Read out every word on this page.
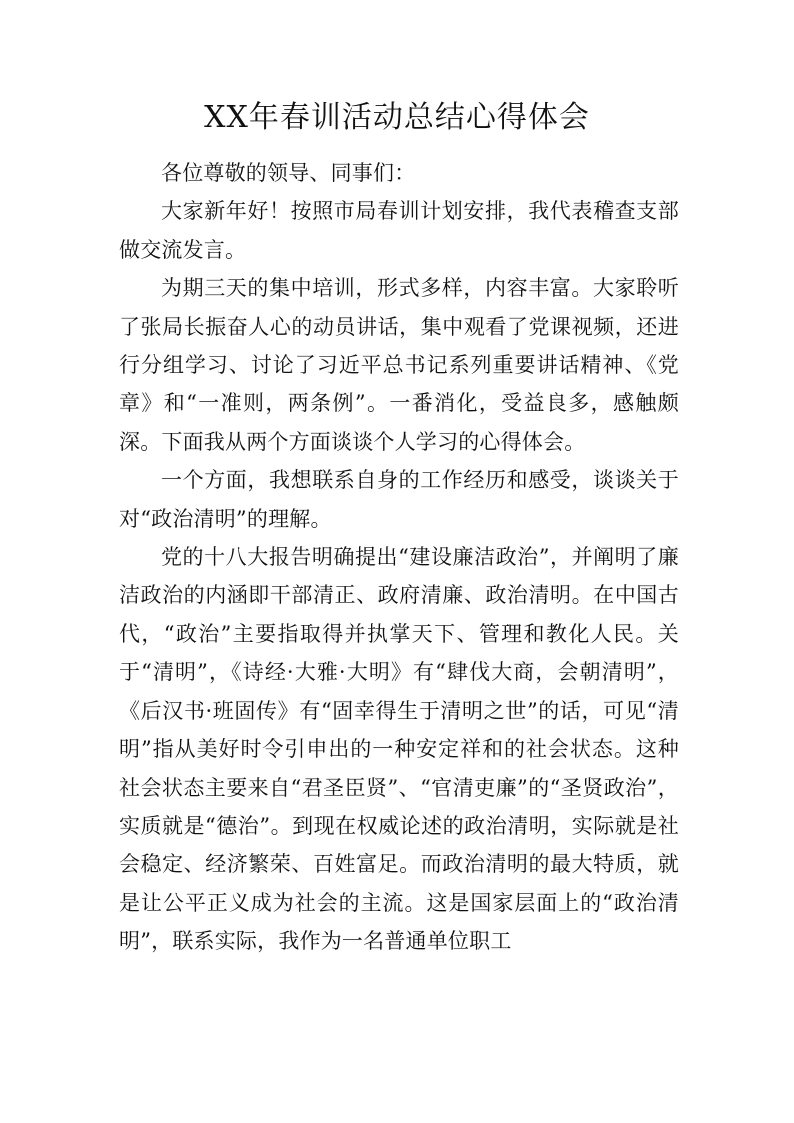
XX年春训活动总结心得体会

各位尊敬的领导、同事们：

大家新年好！按照市局春训计划安排，我代表稽查支部做交流发言。

为期三天的集中培训，形式多样，内容丰富。大家聆听了张局长振奋人心的动员讲话，集中观看了党课视频，还进行分组学习、讨论了习近平总书记系列重要讲话精神、《党章》和“一准则，两条例”。一番消化，受益良多，感触颇深。下面我从两个方面谈谈个人学习的心得体会。

一个方面，我想联系自身的工作经历和感受，谈谈关于对“政治清明”的理解。

党的十八大报告明确提出“建设廉洁政治”，并阐明了廉洁政治的内涵即干部清正、政府清廉、政治清明。在中国古代，“政治”主要指取得并执掌天下、管理和教化人民。关于“清明”，《诗经·大雅·大明》有“肆伐大商，会朝清明”，《后汉书·班固传》有“固幸得生于清明之世”的话，可见“清明”指从美好时令引申出的一种安定祥和的社会状态。这种社会状态主要来自“君圣臣贤”、“官清吏廉”的“圣贤政治”，实质就是“德治”。到现在权威论述的政治清明，实际就是社会稳定、经济繁荣、百姓富足。而政治清明的最大特质，就是让公平正义成为社会的主流。这是国家层面上的“政治清明”，联系实际，我作为一名普通单位职工
